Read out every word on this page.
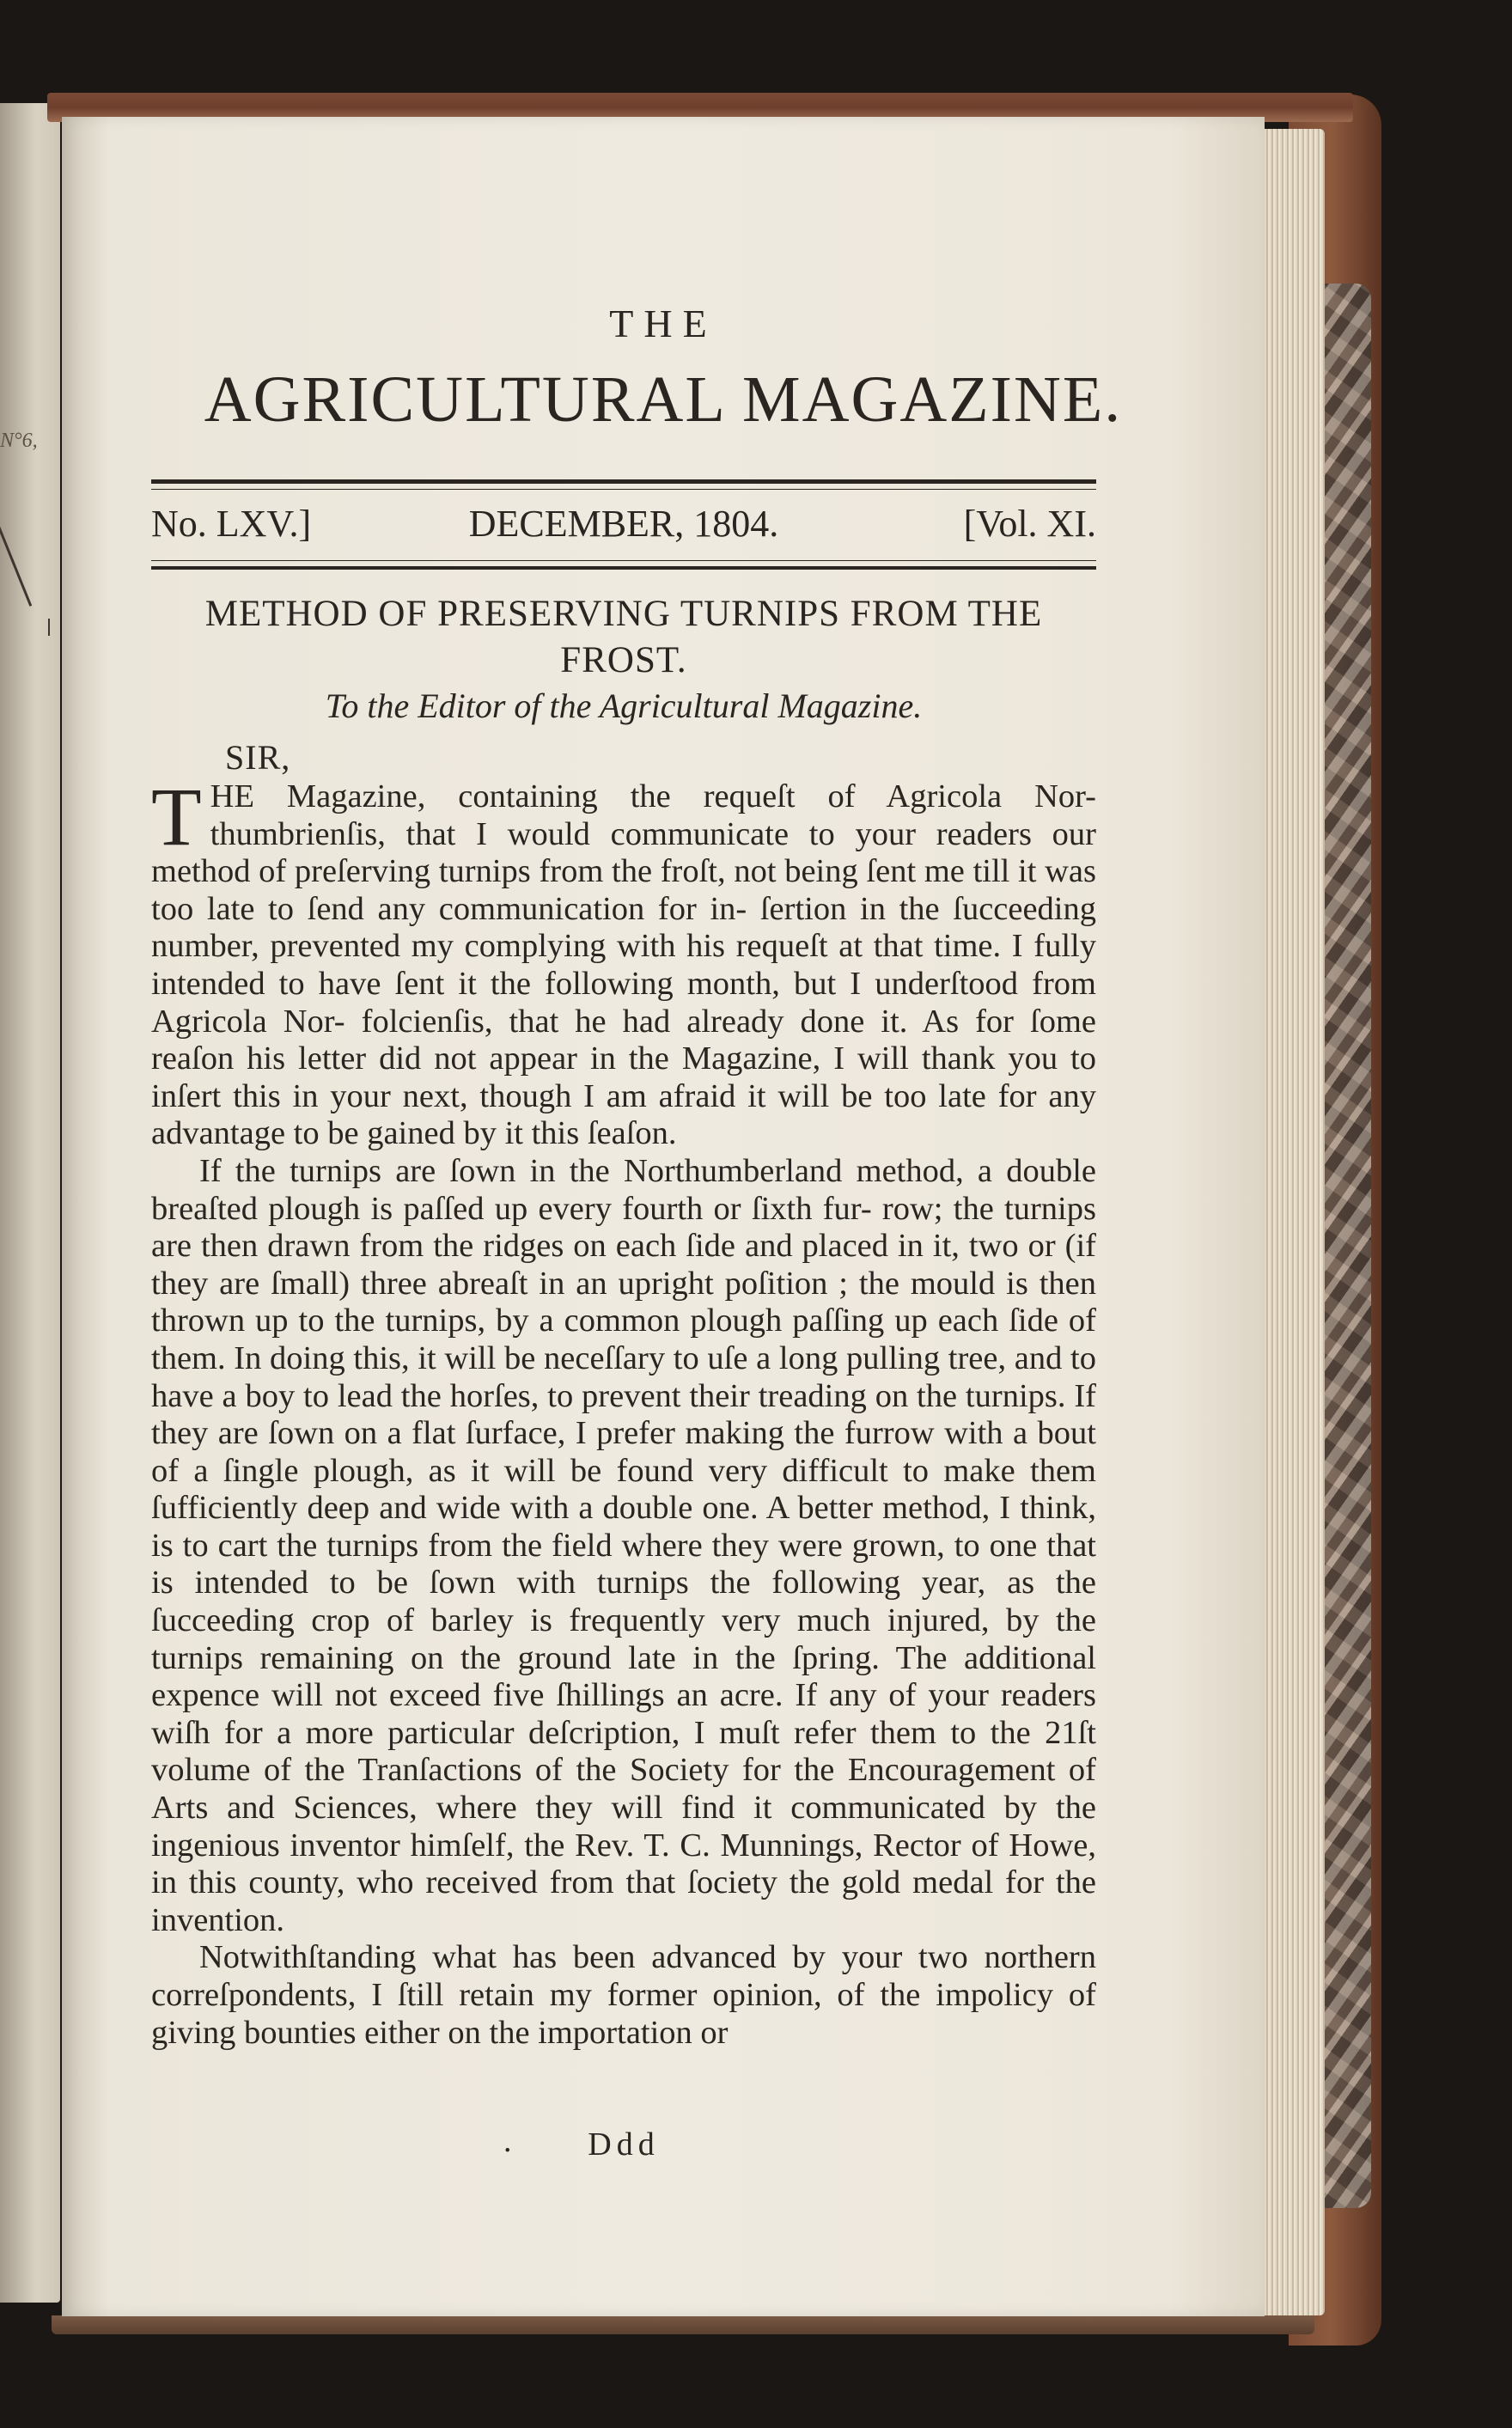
N°6,
THE
AGRICULTURAL MAGAZINE.
No. LXV.]	DECEMBER, 1804.	[Vol. XI.
METHOD OF PRESERVING TURNIPS FROM THE
FROST.
To the Editor of the Agricultural Magazine.
SIR,

THE Magazine, containing the requeſt of Agricola Nor- thumbrienſis, that I would communicate to your readers our method of preſerving turnips from the froſt, not being ſent me till it was too late to ſend any communication for in- ſertion in the ſucceeding number, prevented my complying with his requeſt at that time. I fully intended to have ſent it the following month, but I underſtood from Agricola Nor- folcienſis, that he had already done it. As for ſome reaſon his letter did not appear in the Magazine, I will thank you to inſert this in your next, though I am afraid it will be too late for any advantage to be gained by it this ſeaſon.

If the turnips are ſown in the Northumberland method, a double breaſted plough is paſſed up every fourth or ſixth fur- row; the turnips are then drawn from the ridges on each ſide and placed in it, two or (if they are ſmall) three abreaſt in an upright poſition ; the mould is then thrown up to the turnips, by a common plough paſſing up each ſide of them. In doing this, it will be neceſſary to uſe a long pulling tree, and to have a boy to lead the horſes, to prevent their treading on the turnips. If they are ſown on a flat ſurface, I prefer making the furrow with a bout of a ſingle plough, as it will be found very difficult to make them ſufficiently deep and wide with a double one. A better method, I think, is to cart the turnips from the field where they were grown, to one that is intended to be ſown with turnips the following year, as the ſucceeding crop of barley is frequently very much injured, by the turnips remaining on the ground late in the ſpring. The additional expence will not exceed five ſhillings an acre. If any of your readers wiſh for a more particular deſcription, I muſt refer them to the 21ſt volume of the Tranſactions of the Society for the Encouragement of Arts and Sciences, where they will find it communicated by the ingenious inventor himſelf, the Rev. T. C. Munnings, Rector of Howe, in this county, who received from that ſociety the gold medal for the invention.

Notwithſtanding what has been advanced by your two northern correſpondents, I ſtill retain my former opinion, of the impolicy of giving bounties either on the importation or

. Ddd
